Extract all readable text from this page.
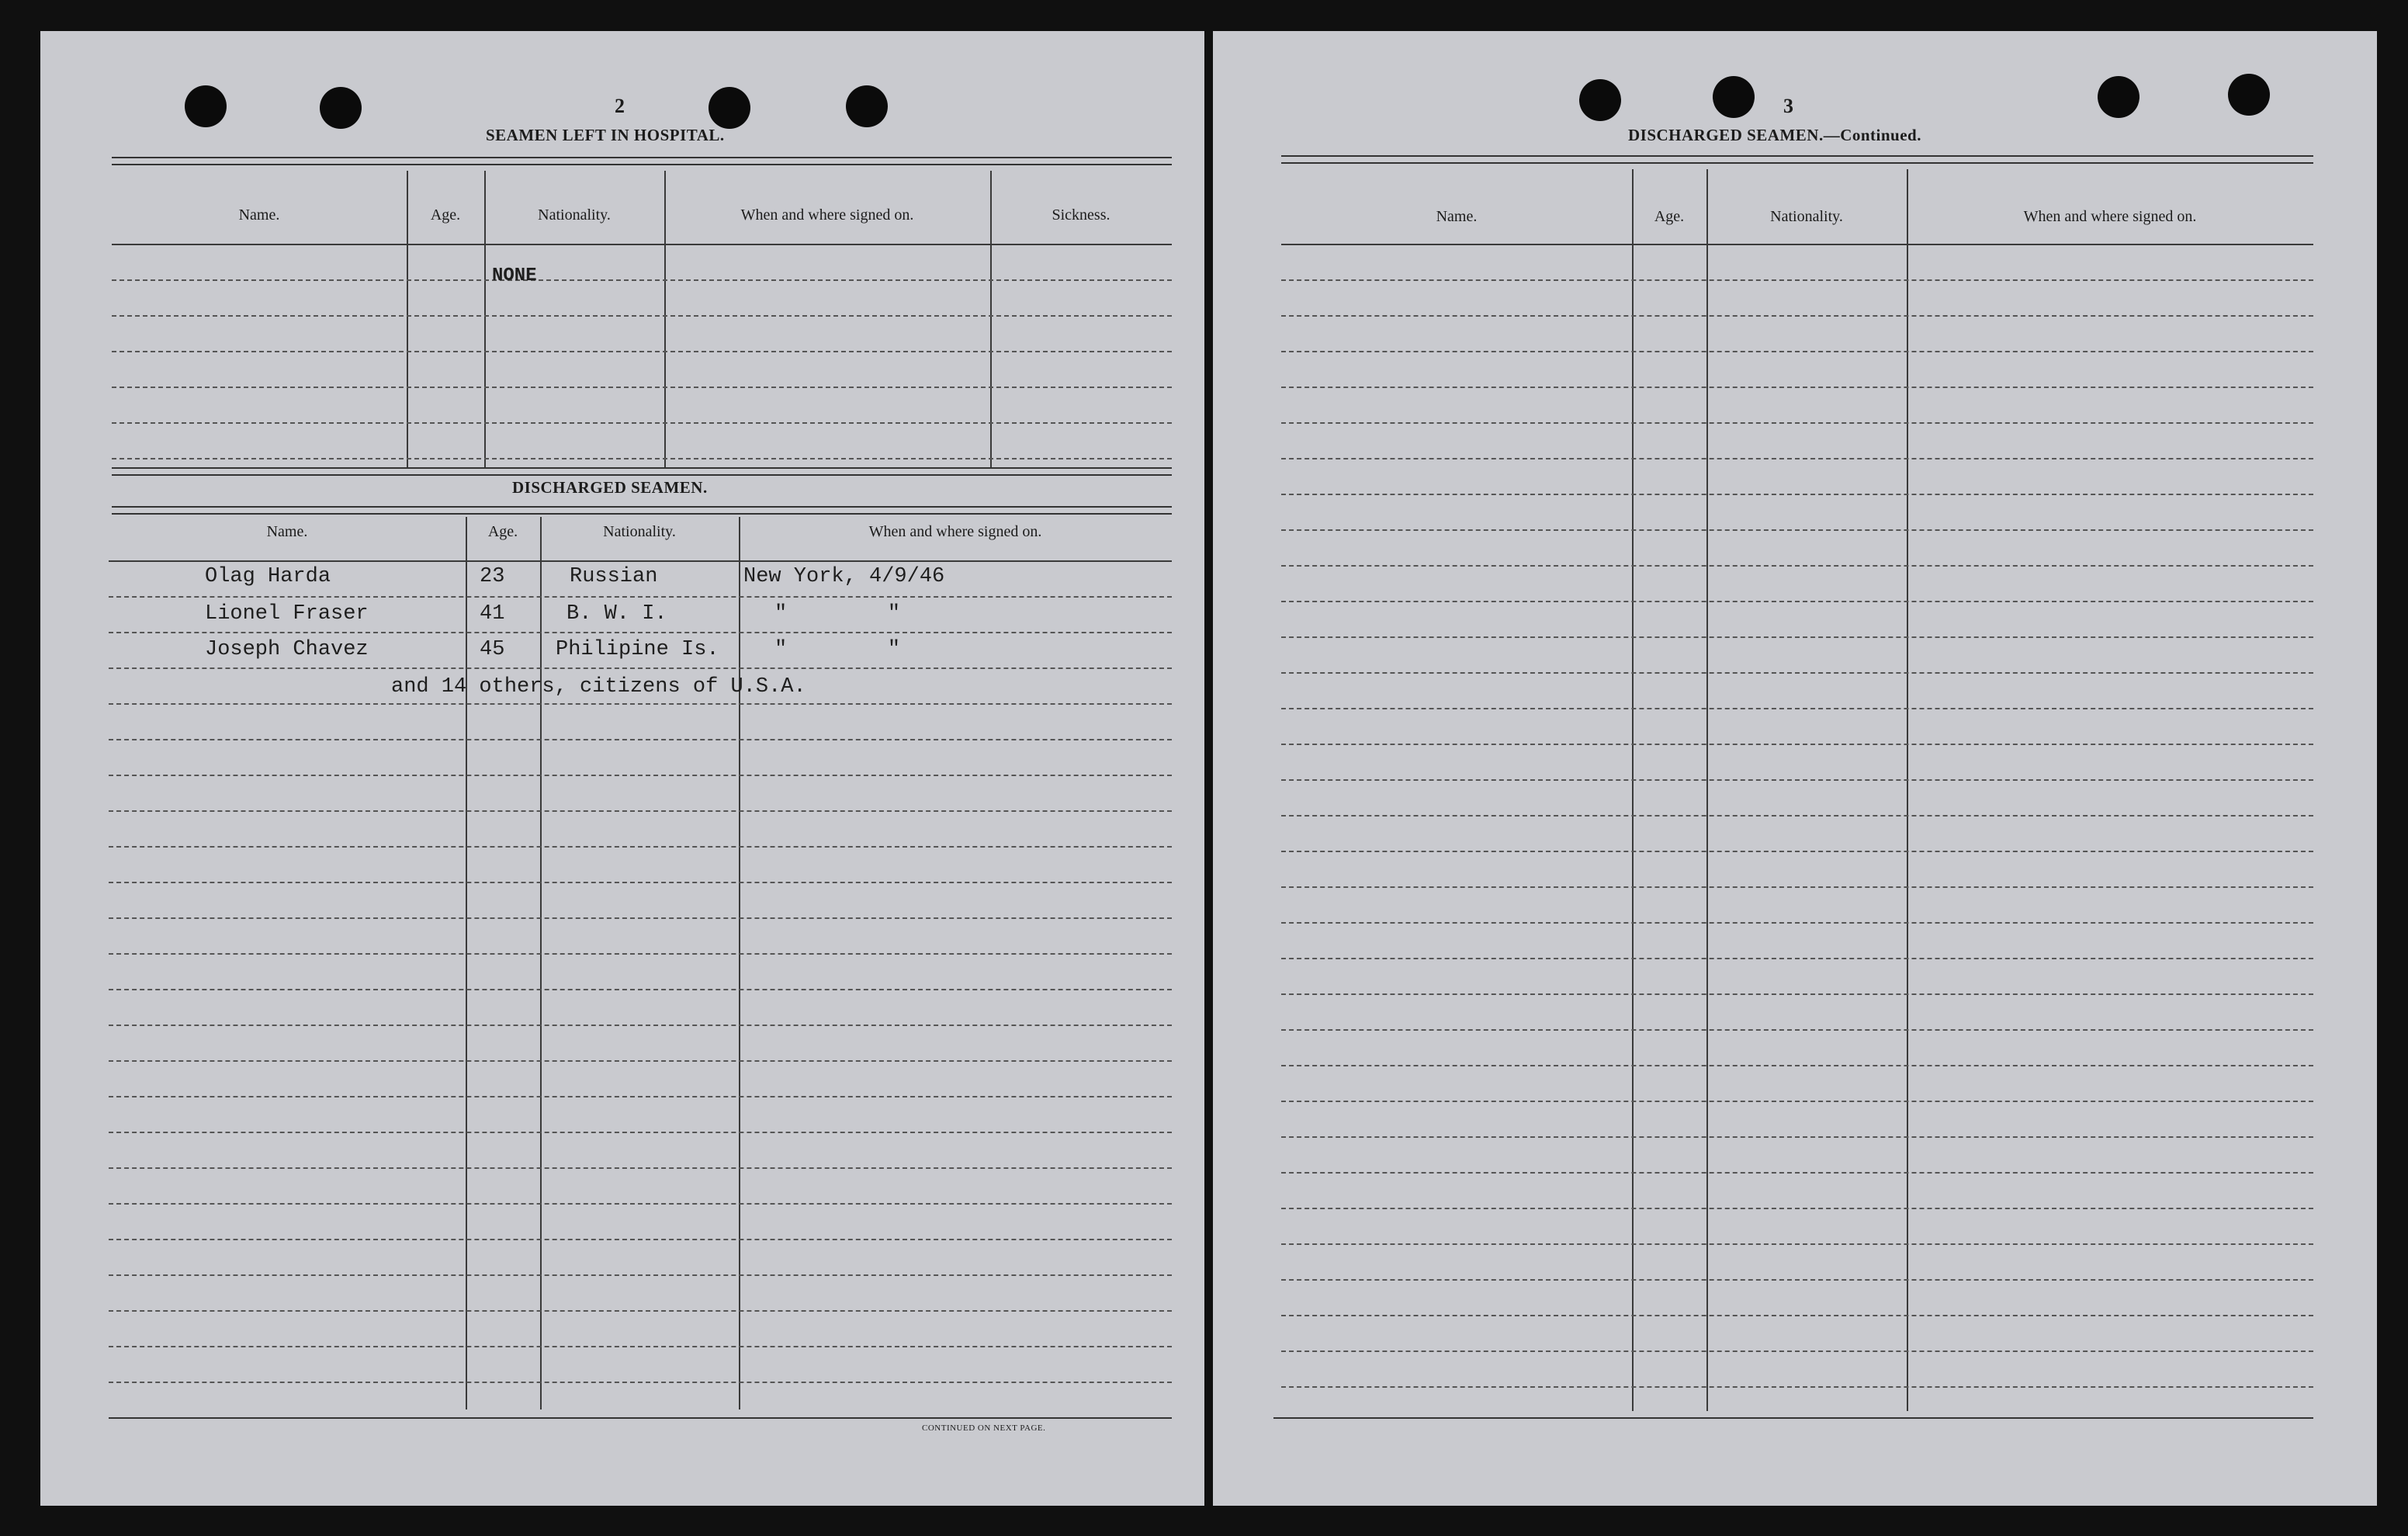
2
SEAMEN LEFT IN HOSPITAL.
Name.	Age.	Nationality.	When and where signed on.	Sickness.
NONE
DISCHARGED SEAMEN.
Name.	Age.	Nationality.	When and where signed on.
Olag Harda	23	Russian	New York, 4/9/46
Lionel Fraser	41	B. W. I.	"        "
Joseph Chavez	45 Philipine Is.	"        "
and 14 others, citizens of U.S.A.
CONTINUED ON NEXT PAGE.
3
DISCHARGED SEAMEN.—Continued.
Name.	Age.	Nationality.	When and where signed on.
